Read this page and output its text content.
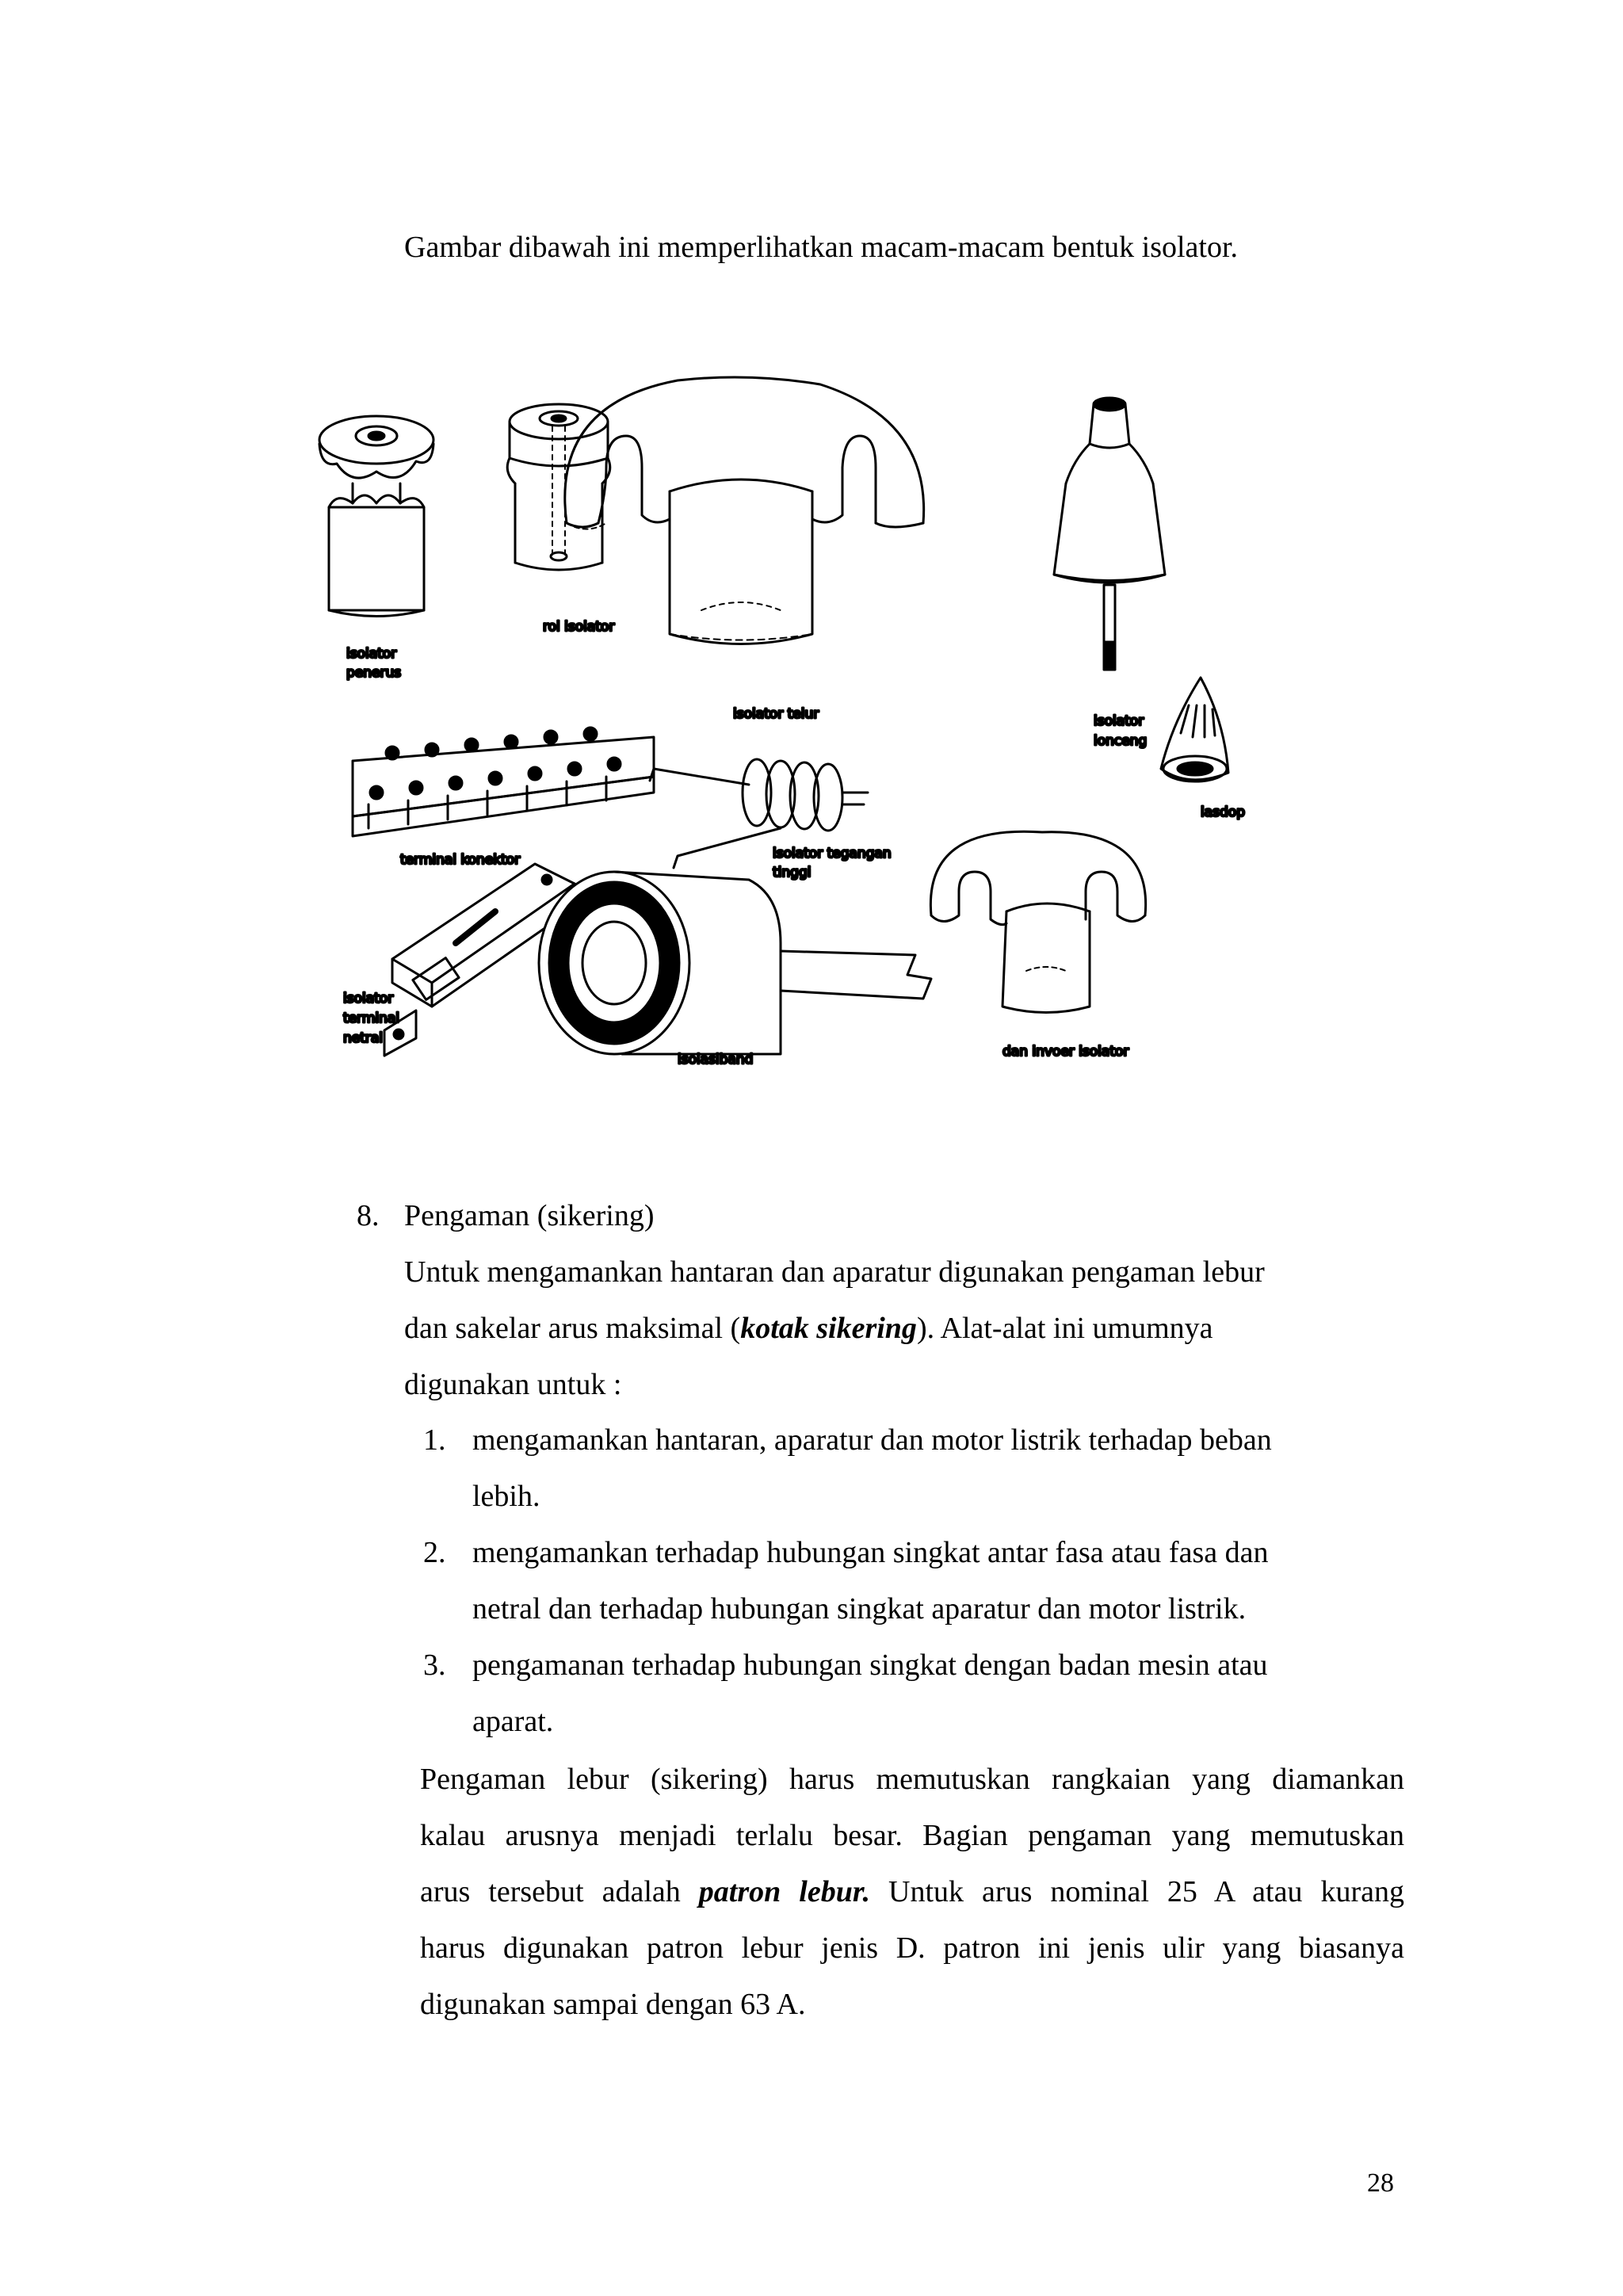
Gambar dibawah ini memperlihatkan macam-macam bentuk isolator.
isolator
penerus
rol isolator
isolator telur	isolator
lonceng
lasdop
terminal konektor	isolator tegangan
tinggi
isolator
terminal
netral
isolasiband	dan invoer isolator
8. Pengaman (sikering)
Untuk mengamankan hantaran dan aparatur digunakan pengaman lebur
dan sakelar arus maksimal (kotak sikering). Alat-alat ini umumnya
digunakan untuk :
1. mengamankan hantaran, aparatur dan motor listrik terhadap beban
lebih.
2. mengamankan terhadap hubungan singkat antar fasa atau fasa dan
netral dan terhadap hubungan singkat aparatur dan motor listrik.
3. pengamanan terhadap hubungan singkat dengan badan mesin atau
aparat.
Pengaman lebur (sikering) harus memutuskan rangkaian yang diamankan
kalau arusnya menjadi terlalu besar. Bagian pengaman yang memutuskan
arus tersebut adalah patron lebur. Untuk arus nominal 25 A atau kurang
harus digunakan patron lebur jenis D. patron ini jenis ulir yang biasanya
digunakan sampai dengan 63 A.
28
